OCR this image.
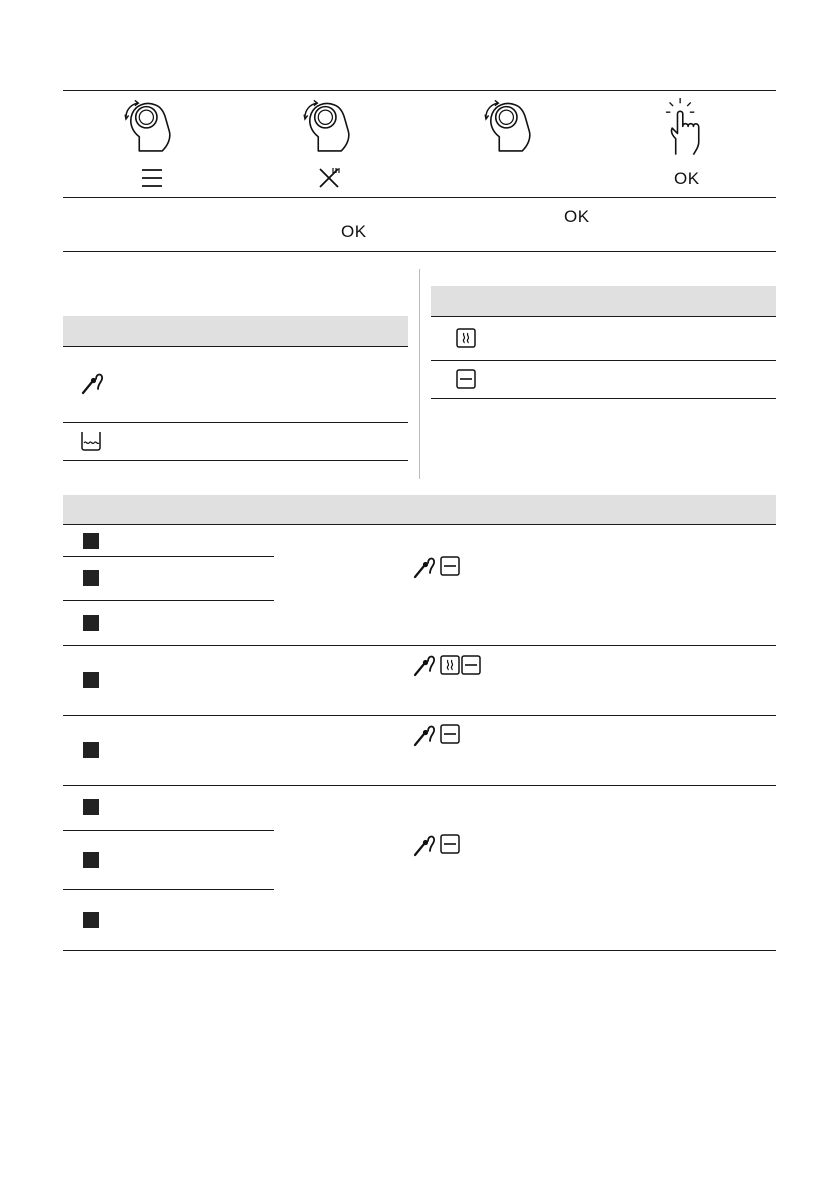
OK
OK
OK
